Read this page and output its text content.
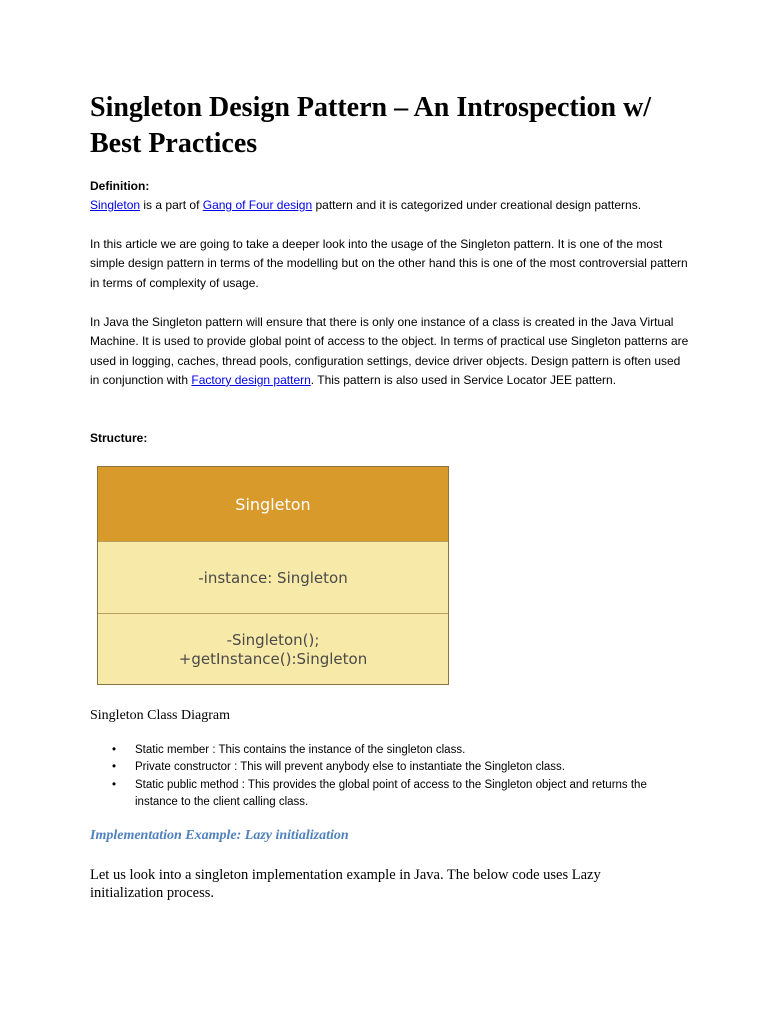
Singleton Design Pattern – An Introspection w/ Best Practices

Definition:

Singleton is a part of Gang of Four design pattern and it is categorized under creational design patterns.

In this article we are going to take a deeper look into the usage of the Singleton pattern. It is one of the most simple design pattern in terms of the modelling but on the other hand this is one of the most controversial pattern in terms of complexity of usage.

In Java the Singleton pattern will ensure that there is only one instance of a class is created in the Java Virtual Machine. It is used to provide global point of access to the object. In terms of practical use Singleton patterns are used in logging, caches, thread pools, configuration settings, device driver objects. Design pattern is often used in conjunction with Factory design pattern. This pattern is also used in Service Locator JEE pattern.

Structure:

Singleton
-instance: Singleton
-Singleton();
+getInstance():Singleton

Singleton Class Diagram

• Static member : This contains the instance of the singleton class.
• Private constructor : This will prevent anybody else to instantiate the Singleton class.
• Static public method : This provides the global point of access to the Singleton object and returns the instance to the client calling class.

Implementation Example: Lazy initialization

Let us look into a singleton implementation example in Java. The below code uses Lazy initialization process.
